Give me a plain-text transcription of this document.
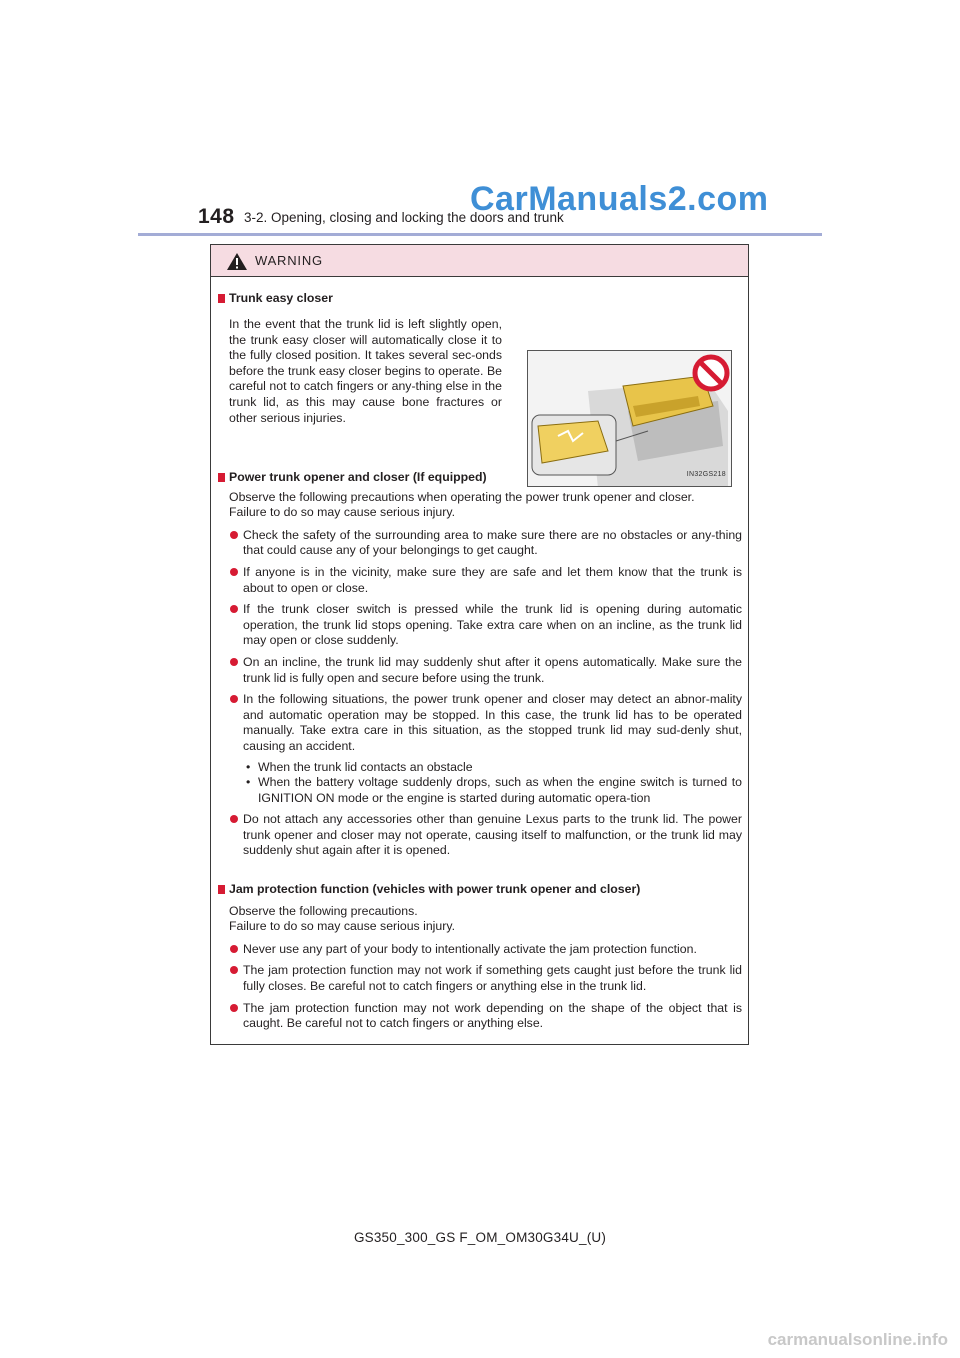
148 3-2. Opening, closing and locking the doors and trunk
CarManuals2.com
WARNING
Trunk easy closer
In the event that the trunk lid is left slightly open, the trunk easy closer will automatically close it to the fully closed position. It takes several sec-onds before the trunk easy closer begins to operate. Be careful not to catch fingers or any-thing else in the trunk lid, as this may cause bone fractures or other serious injuries.
IN32GS218
Power trunk opener and closer (If equipped)
Observe the following precautions when operating the power trunk opener and closer.
Failure to do so may cause serious injury.
Check the safety of the surrounding area to make sure there are no obstacles or any-thing that could cause any of your belongings to get caught.
If anyone is in the vicinity, make sure they are safe and let them know that the trunk is about to open or close.
If the trunk closer switch is pressed while the trunk lid is opening during automatic operation, the trunk lid stops opening. Take extra care when on an incline, as the trunk lid may open or close suddenly.
On an incline, the trunk lid may suddenly shut after it opens automatically. Make sure the trunk lid is fully open and secure before using the trunk.
In the following situations, the power trunk opener and closer may detect an abnor-mality and automatic operation may be stopped. In this case, the trunk lid has to be operated manually. Take extra care in this situation, as the stopped trunk lid may sud-denly shut, causing an accident.
• When the trunk lid contacts an obstacle
• When the battery voltage suddenly drops, such as when the engine switch is turned to IGNITION ON mode or the engine is started during automatic opera-tion
Do not attach any accessories other than genuine Lexus parts to the trunk lid. The power trunk opener and closer may not operate, causing itself to malfunction, or the trunk lid may suddenly shut again after it is opened.
Jam protection function (vehicles with power trunk opener and closer)
Observe the following precautions.
Failure to do so may cause serious injury.
Never use any part of your body to intentionally activate the jam protection function.
The jam protection function may not work if something gets caught just before the trunk lid fully closes. Be careful not to catch fingers or anything else in the trunk lid.
The jam protection function may not work depending on the shape of the object that is caught. Be careful not to catch fingers or anything else.
GS350_300_GS F_OM_OM30G34U_(U)
carmanualsonline.info
